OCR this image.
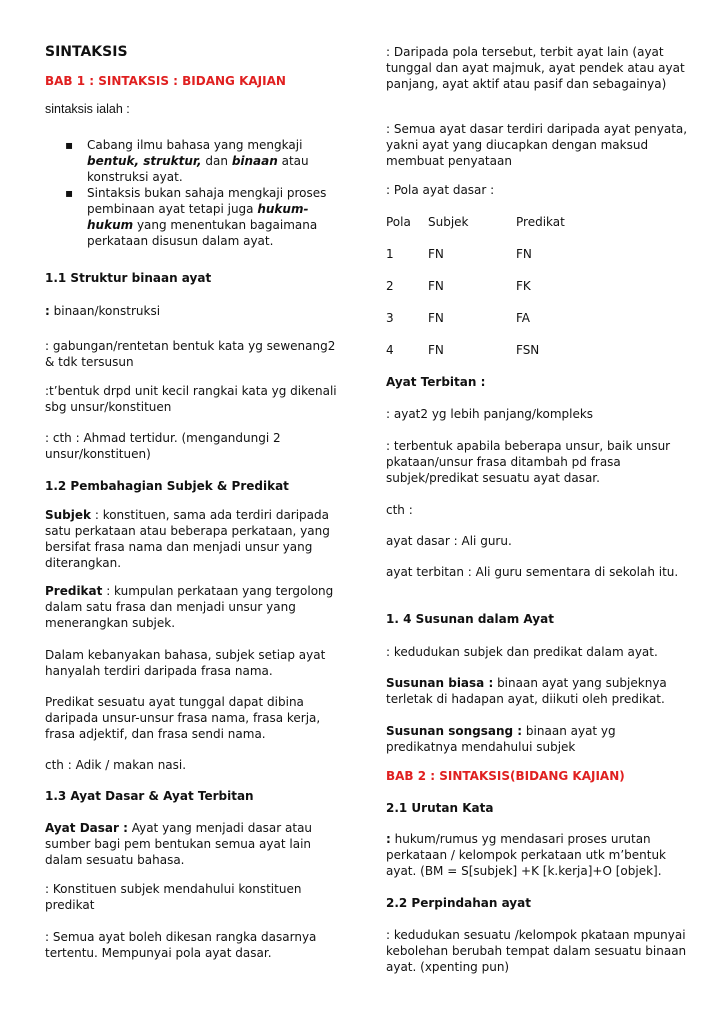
SINTAKSIS
BAB 1 : SINTAKSIS : BIDANG KAJIAN
sintaksis ialah :
▪ Cabang ilmu bahasa yang mengkaji bentuk, struktur, dan binaan atau konstruksi ayat.
▪ Sintaksis bukan sahaja mengkaji proses pembinaan ayat tetapi juga hukum-hukum yang menentukan bagaimana perkataan disusun dalam ayat.
1.1 Struktur binaan ayat
: binaan/konstruksi
: gabungan/rentetan bentuk kata yg sewenang2 & tdk tersusun
:t’bentuk drpd unit kecil rangkai kata yg dikenali sbg unsur/konstituen
: cth : Ahmad tertidur. (mengandungi 2 unsur/konstituen)
1.2 Pembahagian Subjek & Predikat
Subjek : konstituen, sama ada terdiri daripada satu perkataan atau beberapa perkataan, yang bersifat frasa nama dan menjadi unsur yang diterangkan.
Predikat : kumpulan perkataan yang tergolong dalam satu frasa dan menjadi unsur yang menerangkan subjek.
Dalam kebanyakan bahasa, subjek setiap ayat hanyalah terdiri daripada frasa nama.
Predikat sesuatu ayat tunggal dapat dibina daripada unsur-unsur frasa nama, frasa kerja, frasa adjektif, dan frasa sendi nama.
cth : Adik / makan nasi.
1.3 Ayat Dasar & Ayat Terbitan
Ayat Dasar : Ayat yang menjadi dasar atau sumber bagi pem bentukan semua ayat lain dalam sesuatu bahasa.
: Konstituen subjek mendahului konstituen predikat
: Semua ayat boleh dikesan rangka dasarnya tertentu. Mempunyai pola ayat dasar.
: Daripada pola tersebut, terbit ayat lain (ayat tunggal dan ayat majmuk, ayat pendek atau ayat panjang, ayat aktif atau pasif dan sebagainya)
: Semua ayat dasar terdiri daripada ayat penyata, yakni ayat yang diucapkan dengan maksud membuat penyataan
: Pola ayat dasar :
Pola	Subjek	Predikat
1	FN	FN
2	FN	FK
3	FN	FA
4	FN	FSN
Ayat Terbitan :
: ayat2 yg lebih panjang/kompleks
: terbentuk apabila beberapa unsur, baik unsur pkataan/unsur frasa ditambah pd frasa subjek/predikat sesuatu ayat dasar.
cth :
ayat dasar : Ali guru.
ayat terbitan : Ali guru sementara di sekolah itu.
1. 4 Susunan dalam Ayat
: kedudukan subjek dan predikat dalam ayat.
Susunan biasa : binaan ayat yang subjeknya terletak di hadapan ayat, diikuti oleh predikat.
Susunan songsang : binaan ayat yg predikatnya mendahului subjek
BAB 2 : SINTAKSIS(BIDANG KAJIAN)
2.1 Urutan Kata
: hukum/rumus yg mendasari proses urutan perkataan / kelompok perkataan utk m’bentuk ayat. (BM = S[subjek] +K [k.kerja]+O [objek].
2.2 Perpindahan ayat
: kedudukan sesuatu /kelompok pkataan mpunyai kebolehan berubah tempat dalam sesuatu binaan ayat. (xpenting pun)
